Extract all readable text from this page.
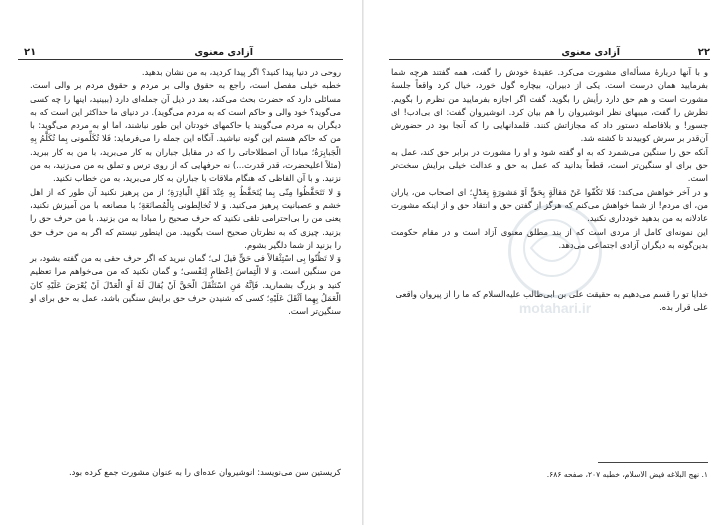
آزادی معنوی
۲۱

روحی در دنیا پیدا کنید؟ اگر پیدا کردید، به من نشان بدهید.

خطبه خیلی مفصل است، راجع به حقوق والی بر مردم و حقوق مردم بر والی است. مسائلی دارد که حضرت بحث می‌کند، بعد در ذیل آن جمله‌ای دارد (ببینید، اینها را چه کسی می‌گوید؟ خود والی و حاکم است که به مردم می‌گوید). در دنیای ما حداکثر این است که به دیگران به مردم می‌گویند یا حاکمهای خودتان این طور نباشند، اما او به مردم می‌گوید: با من که حاکم هستم این گونه نباشید. آنگاه این جمله را می‌فرماید: فَلا تُكَلِّمونى بِما تُكَلَّمُ بِهِ الْجَبابِرَةُ؛ مبادا آن اصطلاحاتی را که در مقابل جباران به کار می‌برید، با من به کار ببرید. (مثلاً اعلیحضرت، قدر قدرت...) نه حرفهایی که از روی ترس و تملق به من می‌زنید، به من نزنید. و با آن الفاظی که هنگام ملاقات با جباران به کار می‌برید، به من خطاب نکنید.

وَ لا تَتَحَفَّظُوا مِنّى بِما يُتَحَفَّظُ بِهِ عِنْدَ اَهْلِ الْبادِرَةِ؛ از من پرهیز نکنید آن طور که از اهل خشم و عصبانیت پرهیز می‌کنید. وَ لا تُخالِطونى بِالْمُصانَعَةِ؛ با مصانعه با من آمیزش نکنید، یعنی من را بی‌احترامی تلقی نکنید که حرف صحیح را مبادا به من بزنید. با من حرف حق را بزنید. چیزی که به نظرتان صحیح است بگویید. من اینطور نیستم که اگر به من حرف حق را بزنید از شما دلگیر بشوم.

وَ لا تَظُنّوا بِى اسْتِثْقالاً فى حَقٍّ قيلَ لى؛ گمان نبرید که اگر حرف حقی به من گفته بشود، بر من سنگین است. وَ لا الْتِماسَ اِعْظامٍ لِنَفْسى؛ و گمان نکنید که من می‌خواهم مرا تعظیم کنید و بزرگ بشمارید. فَاِنَّهُ مَنِ اسْتَثْقَلَ الْحَقَّ اَنْ يُقالَ لَهُ اَوِ الْعَدْلَ اَنْ يُعْرَضَ عَلَيْهِ كانَ الْعَمَلُ بِهِما اَثْقَلَ عَلَيْهِ؛ کسی که شنیدن حرف حق برایش سنگین باشد، عمل به حق برای او سنگین‌تر است.

کریستین سن می‌نویسد: انوشیروان عده‌ای را به عنوان مشورت جمع کرده بود.
آزادی معنوی	۲۲

و با آنها دربارهٔ مسأله‌ای مشورت می‌کرد. عقیدهٔ خودش را گفت، همه گفتند هرچه شما بفرمایید همان درست است. یکی از دبیران، بیچاره گول خورد، خیال کرد واقعاً جلسهٔ مشورت است و هم حق دارد رأیش را بگوید. گفت اگر اجازه بفرمایید من نظرم را بگویم. نظرش را گفت، میبهای نظر انوشیروان را هم بیان کرد. انوشیروان گفت: ای بی‌ادب! ای جسور! و بلافاصله دستور داد که مجازاتش کنند. قلمدانهایی را که آنجا بود در حضورش آن‌قدر بر سرش کوبیدند تا کشته شد.

آنکه حق را سنگین می‌شمرد که به او گفته شود و او را مشورت در برابر حق کند، عمل به حق برای او سنگین‌تر است، قطعاً بدانید که عمل به حق و عدالت خیلی برایش سخت‌تر است.

و در آخر خواهش می‌کند: فَلا تَكُفّوا عَنْ مَقالَةٍ بِحَقٍّ اَوْ مَشورَةٍ بِعَدْلٍ؛ ای اصحاب من، یاران من، ای مردم! از شما خواهش می‌کنم که هرگز از گفتن حق و انتقاد حق و از اینکه مشورت عادلانه به من بدهید خودداری نکنید.

این نمونه‌ای کامل از مردی است که از بند مطلق معنوی آزاد است و در مقام حکومت بدین‌گونه به دیگران آزادی اجتماعی می‌دهد.

خدایا تو را قسم می‌دهیم به حقیقت علی بن ابی‌طالب علیه‌السلام که ما را از پیروان واقعی علی قرار بده.
۱. نهج البلاغه فیض الاسلام، خطبه ۲۰۷، صفحه ۶۸۶.
motahari.ir
